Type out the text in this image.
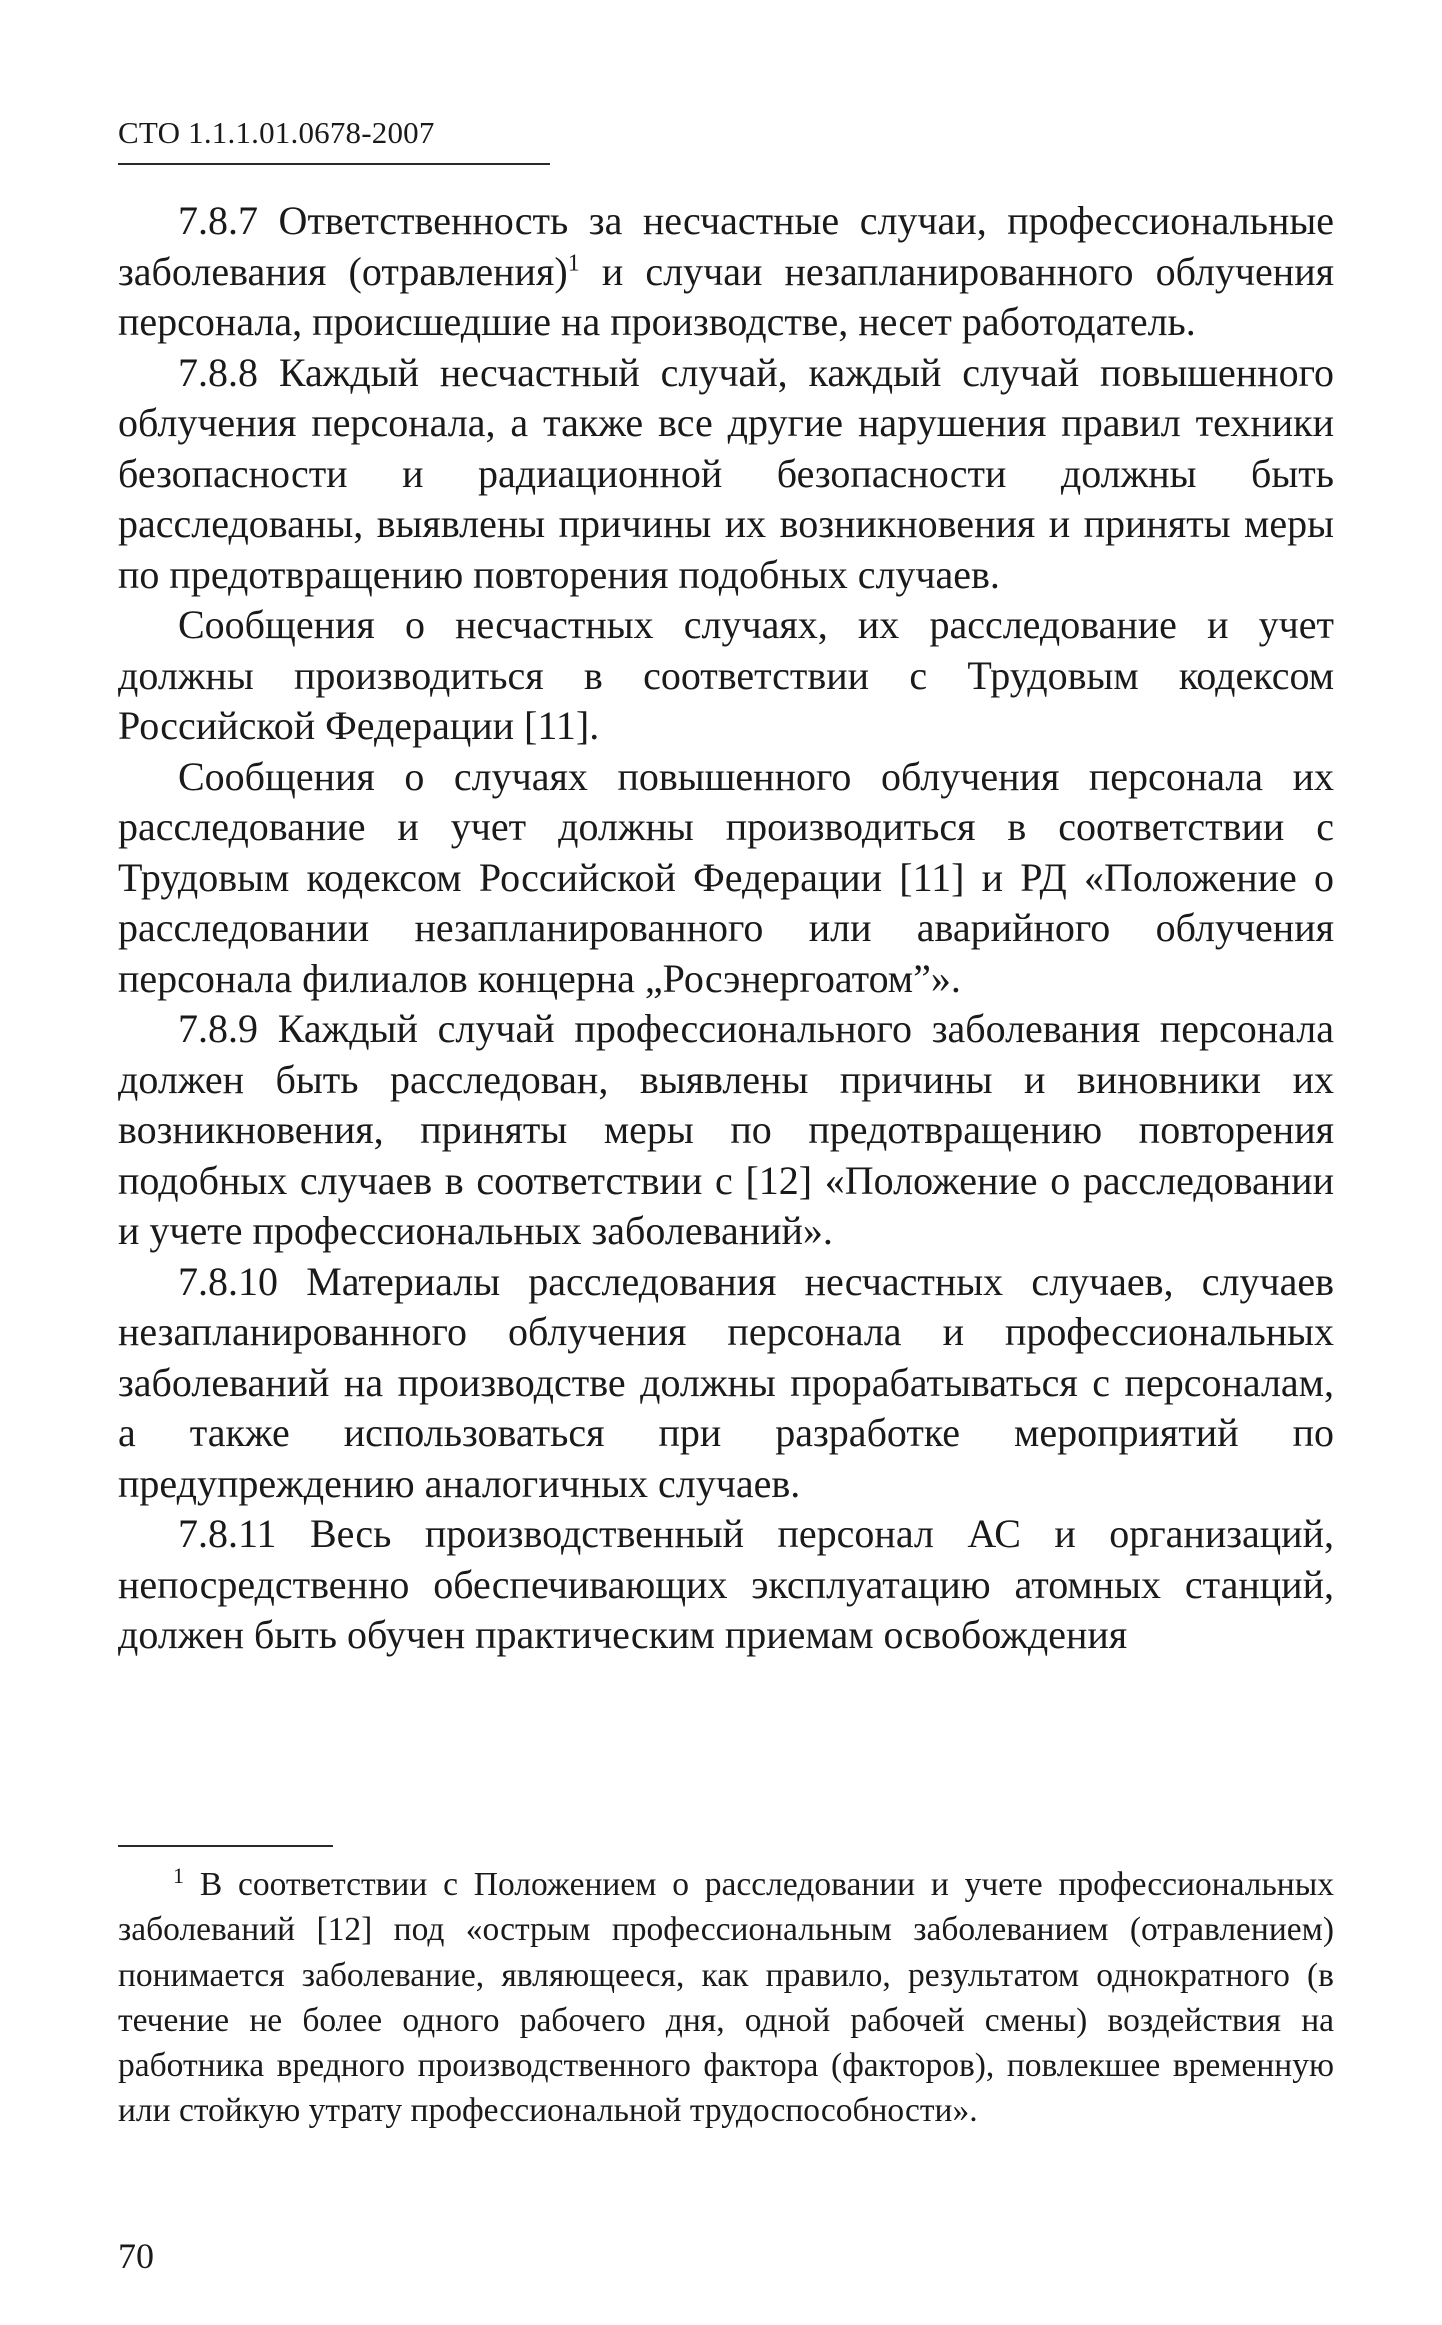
СТО 1.1.1.01.0678-2007

7.8.7 Ответственность за несчастные случаи, профессиональные заболевания (отравления)$^1$ и случаи незапланированного облучения персонала, происшедшие на производстве, несет работодатель.

7.8.8 Каждый несчастный случай, каждый случай повышенного облучения персонала, а также все другие нарушения правил техники безопасности и радиационной безопасности должны быть расследованы, выявлены причины их возникновения и приняты меры по предотвращению повторения подобных случаев.

Сообщения о несчастных случаях, их расследование и учет должны производиться в соответствии с Трудовым кодексом Российской Федерации [11].

Сообщения о случаях повышенного облучения персонала их расследование и учет должны производиться в соответствии с Трудовым кодексом Российской Федерации [11] и РД «Положение о расследовании незапланированного или аварийного облучения персонала филиалов концерна „Росэнергоатом”».

7.8.9 Каждый случай профессионального заболевания персонала должен быть расследован, выявлены причины и виновники их возникновения, приняты меры по предотвращению повторения подобных случаев в соответствии с [12] «Положение о расследовании и учете профессиональных заболеваний».

7.8.10 Материалы расследования несчастных случаев, случаев незапланированного облучения персонала и профессиональных заболеваний на производстве должны прорабатываться с персоналам, а также использоваться при разработке мероприятий по предупреждению аналогичных случаев.

7.8.11 Весь производственный персонал АС и организаций, непосредственно обеспечивающих эксплуатацию атомных станций, должен быть обучен практическим приемам освобождения

$^1$ В соответствии с Положением о расследовании и учете профессиональных заболеваний [12] под «острым профессиональным заболеванием (отравлением) понимается заболевание, являющееся, как правило, результатом однократного (в течение не более одного рабочего дня, одной рабочей смены) воздействия на работника вредного производственного фактора (факторов), повлекшее временную или стойкую утрату профессиональной трудоспособности».

70
